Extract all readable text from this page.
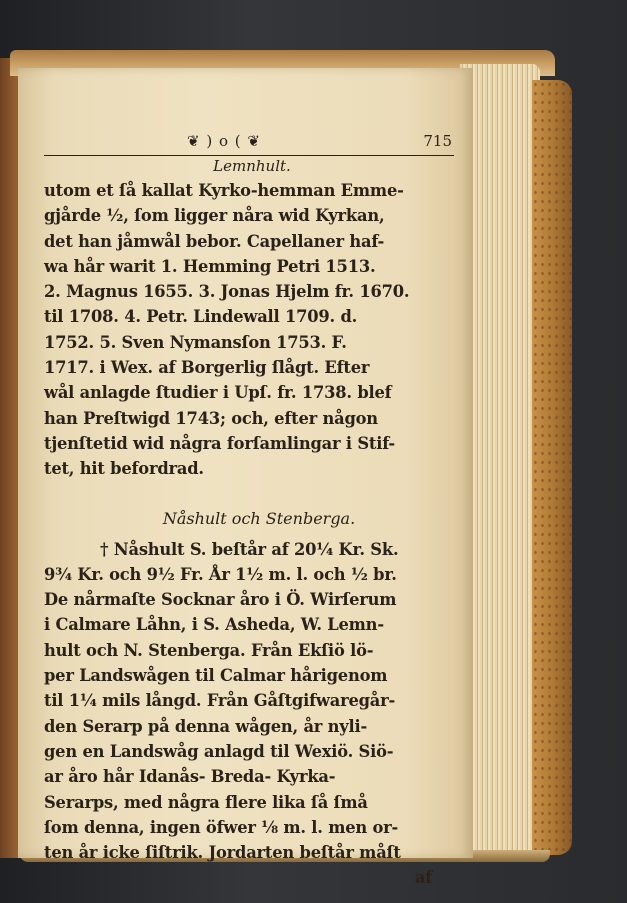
❦ ) o ( ❦	715
Lemnhult.
utom et ſå kallat Kyrko-hemman Emme-
gjårde ½, ſom ligger nåra wid Kyrkan,
det han jåmwål bebor. Capellaner haf-
wa hår warit 1. Hemming Petri 1513.
2. Magnus 1655. 3. Jonas Hjelm fr. 1670.
til 1708. 4. Petr. Lindewall 1709. d.
1752. 5. Sven Nymansſon 1753. F.
1717. i Wex. af Borgerlig ſlågt. Efter
wål anlagde ſtudier i Upſ. fr. 1738. blef
han Preſtwigd 1743; och, efter någon
tjenſtetid wid några forſamlingar i Stif-
tet, hit befordrad.
Nåshult och Stenberga.
† Nåshult S. beſtår af 20¼ Kr. Sk.
9¾ Kr. och 9½ Fr. År 1½ m. l. och ½ br.
De nårmaſte Socknar åro i Ö. Wirſerum
i Calmare Låhn, i S. Asheda, W. Lemn-
hult och N. Stenberga. Från Ekſiö lö-
per Landswågen til Calmar hårigenom
til 1¼ mils långd. Från Gåſtgifwaregår-
den Serarp på denna wågen, år nyli-
gen en Landswåg anlagd til Wexiö. Siö-
ar åro hår Idanås- Breda- Kyrka-
Serarps, med några flere lika ſå ſmå
ſom denna, ingen öfwer ⅛ m. l. men or-
ten år icke ſiſtrik. Jordarten beſtår måſt
af
